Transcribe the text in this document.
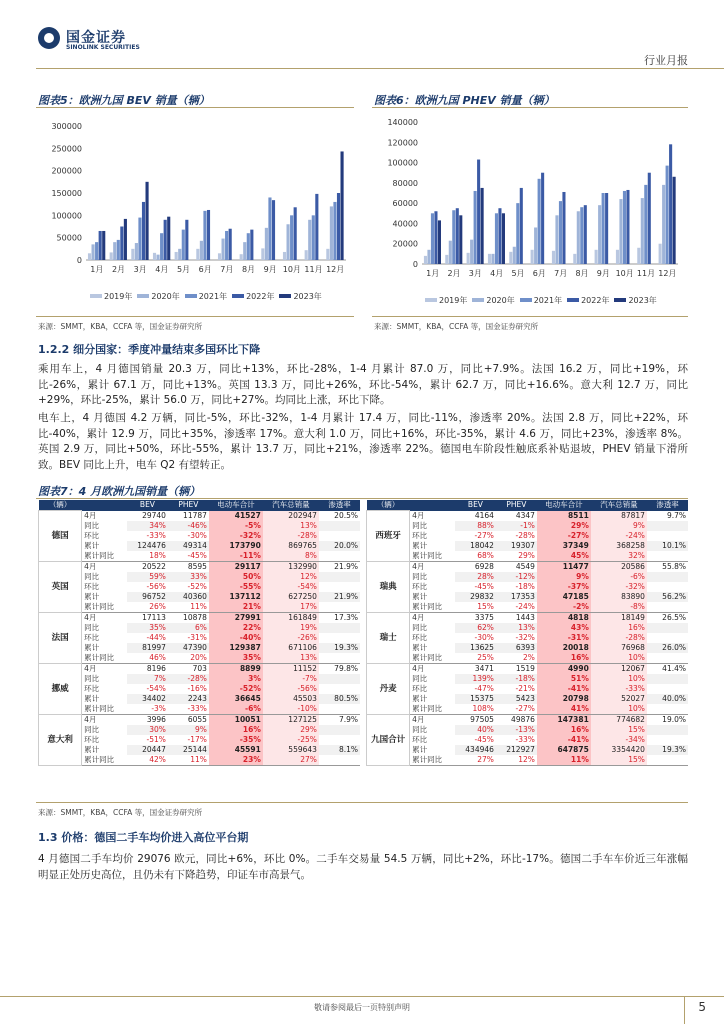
国金证券
SINOLINK SECURITIES
行业月报
图表5：欧洲九国 BEV 销量（辆）	图表6：欧洲九国 PHEV 销量（辆）
0
50000
100000
150000
200000
250000
300000
1月 2月 3月 4月 5月 6月 7月 8月 9月 10月 11月 12月
0
20000
40000
60000
80000
100000
120000
140000
1月 2月 3月 4月 5月 6月 7月 8月 9月 10月 11月 12月
2019年 2020年 2021年 2022年 2023年	2019年 2020年 2021年 2022年 2023年
来源：SMMT，KBA，CCFA 等，国金证券研究所	来源：SMMT，KBA，CCFA 等，国金证券研究所
1.2.2 细分国家：季度冲量结束多国环比下降
乘用车上，4 月德国销量 20.3 万，同比+13%，环比-28%，1-4 月累计 87.0 万，同比+7.9%。法国 16.2 万，同比+19%，环比-26%，累计 67.1 万，同比+13%。英国 13.3 万，同比+26%，环比-54%，累计 62.7 万，同比+16.6%。意大利 12.7 万，同比+29%，环比-25%，累计 56.0 万，同比+27%。均同比上涨，环比下降。
电车上，4 月德国 4.2 万辆，同比-5%，环比-32%，1-4 月累计 17.4 万，同比-11%，渗透率 20%。法国 2.8 万，同比+22%，环比-40%，累计 12.9 万，同比+35%，渗透率 17%。意大利 1.0 万，同比+16%，环比-35%，累计 4.6 万，同比+23%，渗透率 8%。英国 2.9 万，同比+50%，环比-55%，累计 13.7 万，同比+21%，渗透率 22%。德国电车阶段性触底系补贴退坡，PHEV 销量下滑所致。BEV 同比上升，电车 Q2 有望转正。
图表7：4 月欧洲九国销量（辆）
（辆）		BEV	PHEV	电动车合计	汽车总销量	渗透率
德国	4月	29740	11787	41527	202947	20.5%
	同比	34%	-46%	-5%	13%	
	环比	-33%	-30%	-32%	-28%	
	累计	124476	49314	173790	869765	20.0%
	累计同比	18%	-45%	-11%	8%	
英国	4月	20522	8595	29117	132990	21.9%
	同比	59%	33%	50%	12%	
	环比	-56%	-52%	-55%	-54%	
	累计	96752	40360	137112	627250	21.9%
	累计同比	26%	11%	21%	17%	
法国	4月	17113	10878	27991	161849	17.3%
	同比	35%	6%	22%	19%	
	环比	-44%	-31%	-40%	-26%	
	累计	81997	47390	129387	671106	19.3%
	累计同比	46%	20%	35%	13%	
挪威	4月	8196	703	8899	11152	79.8%
	同比	7%	-28%	3%	-7%	
	环比	-54%	-16%	-52%	-56%	
	累计	34402	2243	36645	45503	80.5%
	累计同比	-3%	-33%	-6%	-10%	
意大利	4月	3996	6055	10051	127125	7.9%
	同比	30%	9%	16%	29%	
	环比	-51%	-17%	-35%	-25%	
	累计	20447	25144	45591	559643	8.1%
	累计同比	42%	11%	23%	27%	
（辆）		BEV	PHEV	电动车合计	汽车总销量	渗透率
西班牙	4月	4164	4347	8511	87817	9.7%
	同比	88%	-1%	29%	9%	
	环比	-27%	-28%	-27%	-24%	
	累计	18042	19307	37349	368258	10.1%
	累计同比	68%	29%	45%	32%	
瑞典	4月	6928	4549	11477	20586	55.8%
	同比	28%	-12%	9%	-6%	
	环比	-45%	-18%	-37%	-32%	
	累计	29832	17353	47185	83890	56.2%
	累计同比	15%	-24%	-2%	-8%	
瑞士	4月	3375	1443	4818	18149	26.5%
	同比	62%	13%	43%	16%	
	环比	-30%	-32%	-31%	-28%	
	累计	13625	6393	20018	76968	26.0%
	累计同比	25%	2%	16%	10%	
丹麦	4月	3471	1519	4990	12067	41.4%
	同比	139%	-18%	51%	10%	
	环比	-47%	-21%	-41%	-33%	
	累计	15375	5423	20798	52027	40.0%
	累计同比	108%	-27%	41%	10%	
九国合计	4月	97505	49876	147381	774682	19.0%
	同比	40%	-13%	16%	15%	
	环比	-45%	-33%	-41%	-34%	
	累计	434946	212927	647875	3354420	19.3%
	累计同比	27%	12%	11%	15%	
来源：SMMT，KBA，CCFA 等，国金证券研究所
1.3 价格：德国二手车均价进入高位平台期
4 月德国二手车均价 29076 欧元，同比+6%，环比 0%。二手车交易量 54.5 万辆，同比+2%，环比-17%。德国二手车车价近三年涨幅明显正处历史高位，且仍未有下降趋势，印证车市高景气。
敬请参阅最后一页特别声明	5
